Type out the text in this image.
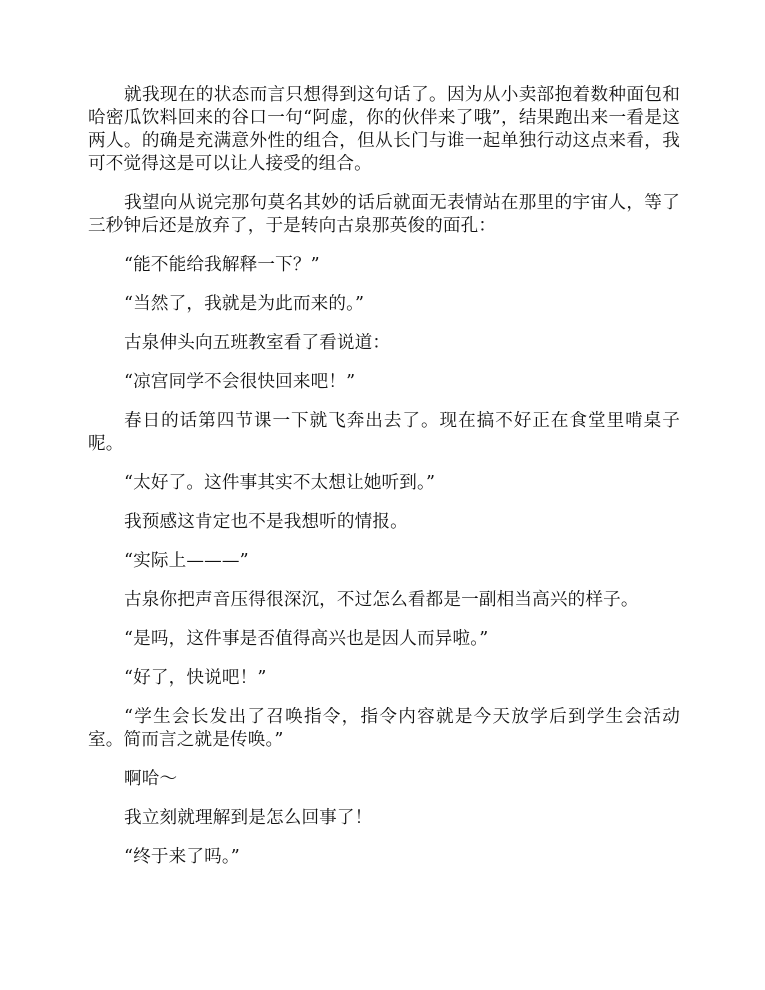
就我现在的状态而言只想得到这句话了。因为从小卖部抱着数种面包和哈密瓜饮料回来的谷口一句“阿虚，你的伙伴来了哦”，结果跑出来一看是这两人。的确是充满意外性的组合，但从长门与谁一起单独行动这点来看，我可不觉得这是可以让人接受的组合。

我望向从说完那句莫名其妙的话后就面无表情站在那里的宇宙人，等了三秒钟后还是放弃了，于是转向古泉那英俊的面孔：

“能不能给我解释一下？”

“当然了，我就是为此而来的。”

古泉伸头向五班教室看了看说道：

“凉宫同学不会很快回来吧！”

春日的话第四节课一下就飞奔出去了。现在搞不好正在食堂里啃桌子呢。

“太好了。这件事其实不太想让她听到。”

我预感这肯定也不是我想听的情报。

“实际上———”

古泉你把声音压得很深沉，不过怎么看都是一副相当高兴的样子。

“是吗，这件事是否值得高兴也是因人而异啦。”

“好了，快说吧！”

“学生会长发出了召唤指令，指令内容就是今天放学后到学生会活动室。简而言之就是传唤。”

啊哈～

我立刻就理解到是怎么回事了！

“终于来了吗。”
